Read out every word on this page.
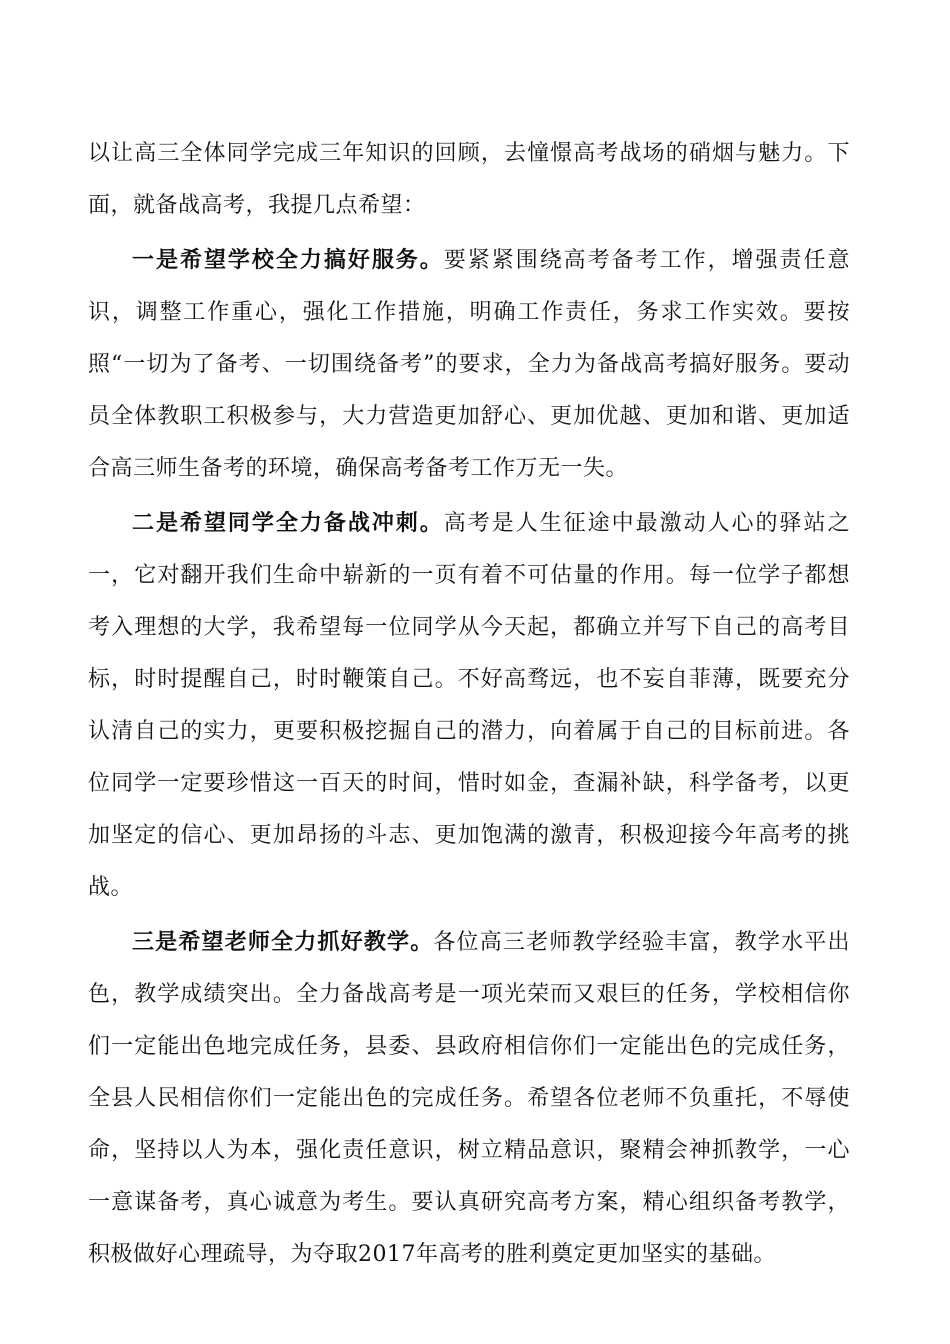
以让高三全体同学完成三年知识的回顾，去憧憬高考战场的硝烟与魅力。下面，就备战高考，我提几点希望：

一是希望学校全力搞好服务。要紧紧围绕高考备考工作，增强责任意识，调整工作重心，强化工作措施，明确工作责任，务求工作实效。要按照“一切为了备考、一切围绕备考”的要求，全力为备战高考搞好服务。要动员全体教职工积极参与，大力营造更加舒心、更加优越、更加和谐、更加适合高三师生备考的环境，确保高考备考工作万无一失。

二是希望同学全力备战冲刺。高考是人生征途中最激动人心的驿站之一，它对翻开我们生命中崭新的一页有着不可估量的作用。每一位学子都想考入理想的大学，我希望每一位同学从今天起，都确立并写下自己的高考目标，时时提醒自己，时时鞭策自己。不好高骛远，也不妄自菲薄，既要充分认清自己的实力，更要积极挖掘自己的潜力，向着属于自己的目标前进。各位同学一定要珍惜这一百天的时间，惜时如金，查漏补缺，科学备考，以更加坚定的信心、更加昂扬的斗志、更加饱满的激青，积极迎接今年高考的挑战。

三是希望老师全力抓好教学。各位高三老师教学经验丰富，教学水平出色，教学成绩突出。全力备战高考是一项光荣而又艰巨的任务，学校相信你们一定能出色地完成任务，县委、县政府相信你们一定能出色的完成任务，全县人民相信你们一定能出色的完成任务。希望各位老师不负重托，不辱使命，坚持以人为本，强化责任意识，树立精品意识，聚精会神抓教学，一心一意谋备考，真心诚意为考生。要认真研究高考方案，精心组织备考教学，积极做好心理疏导，为夺取2017年高考的胜利奠定更加坚实的基础。
